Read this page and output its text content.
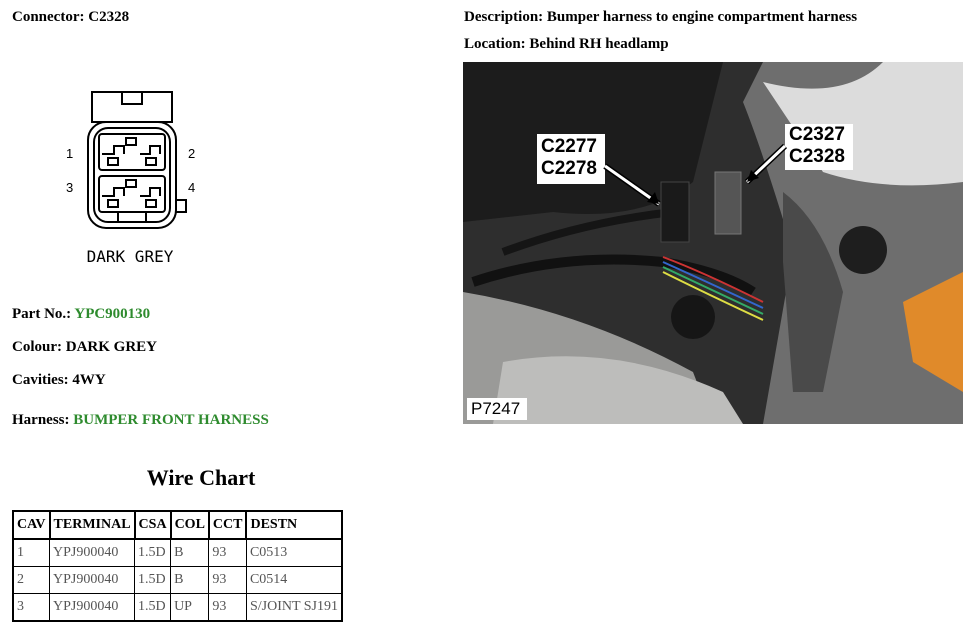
Connector: C2328	Description: Bumper harness to engine compartment harness
Location: Behind RH headlamp
1	2
3	4
DARK GREY
Part No.: YPC900130
Colour: DARK GREY
Cavities: 4WY
Harness: BUMPER FRONT HARNESS
C2277
C2278
C2327
C2328
P7247
Wire Chart
CAV	TERMINAL	CSA	COL	CCT	DESTN
1	YPJ900040	1.5D	B	93	C0513
2	YPJ900040	1.5D	B	93	C0514
3	YPJ900040	1.5D	UP	93	S/JOINT SJ191
